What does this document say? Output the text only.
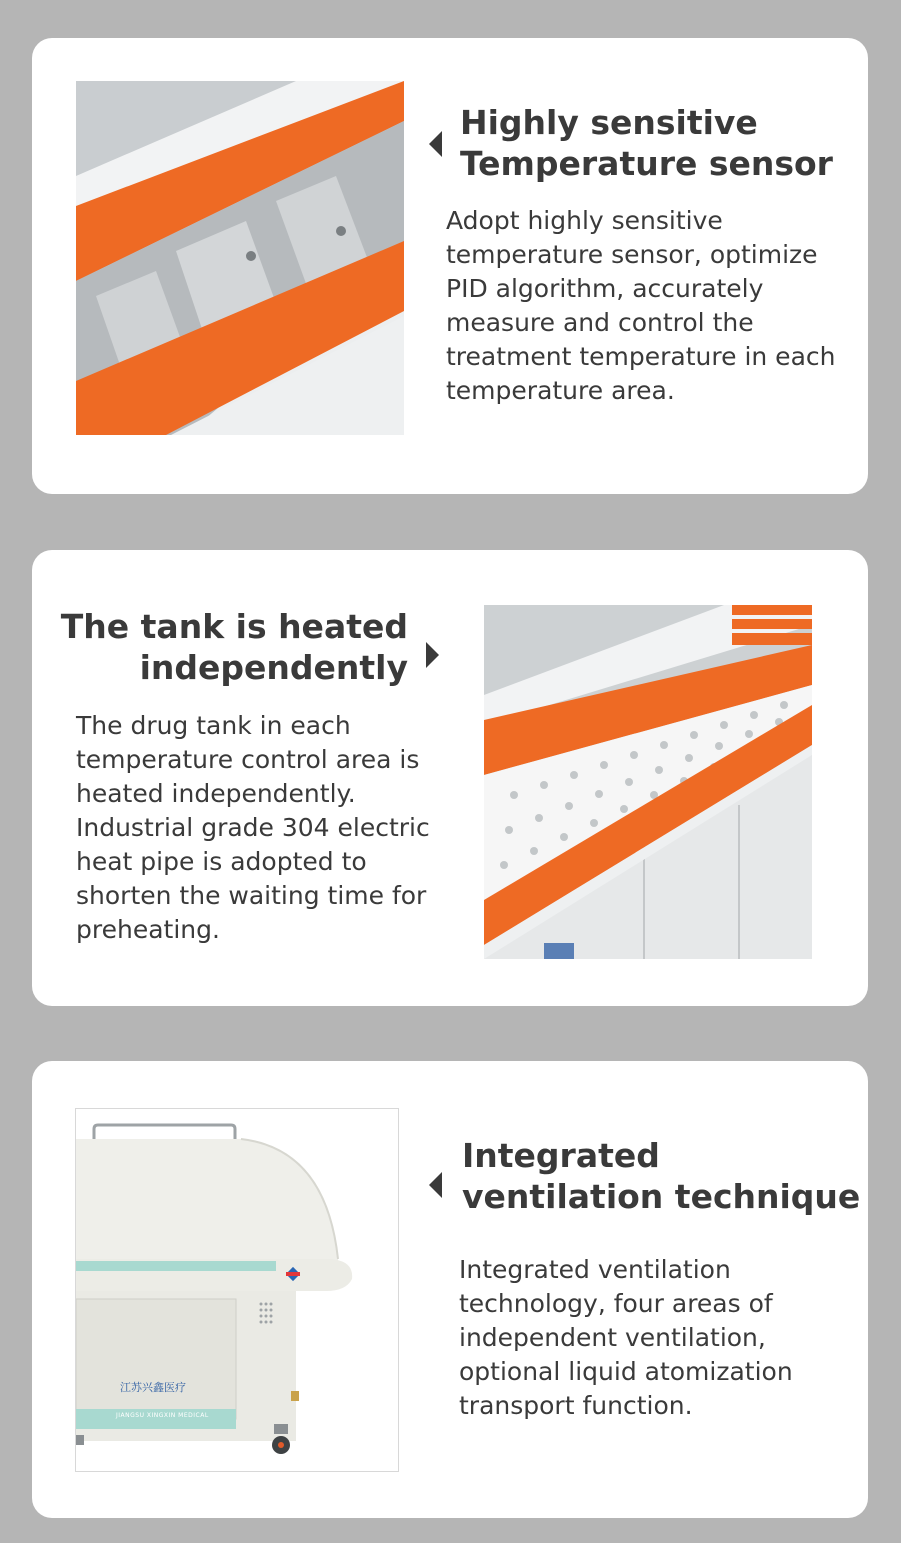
Highly sensitive
Temperature sensor

Adopt highly sensitive
temperature sensor, optimize
PID algorithm, accurately
measure and control the
treatment temperature in each
temperature area.

The tank is heated
independently

The drug tank in each
temperature control area is
heated independently.
Industrial grade 304 electric
heat pipe is adopted to
shorten the waiting time for
preheating.

江苏兴鑫医疗
JIANGSU XINGXIN MEDICAL
Integrated
ventilation technique

Integrated ventilation
technology, four areas of
independent ventilation,
optional liquid atomization
transport function.
